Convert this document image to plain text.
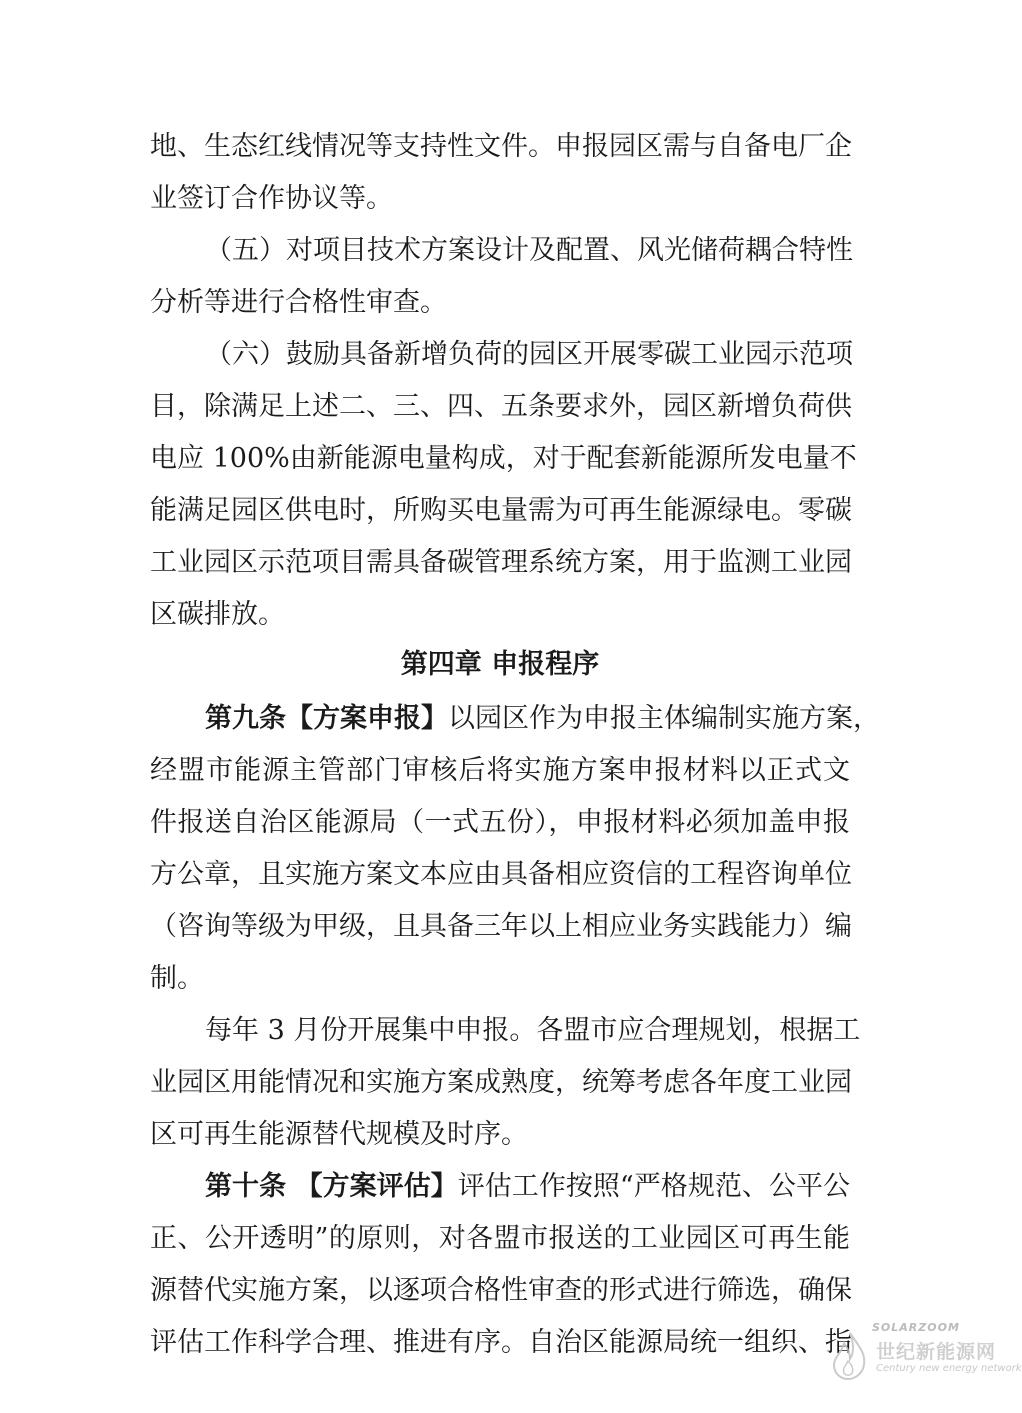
地、生态红线情况等支持性文件。申报园区需与自备电厂企
业签订合作协议等。
（五）对项目技术方案设计及配置、风光储荷耦合特性
分析等进行合格性审查。
（六）鼓励具备新增负荷的园区开展零碳工业园示范项
目，除满足上述二、三、四、五条要求外，园区新增负荷供
电应 100%由新能源电量构成，对于配套新能源所发电量不
能满足园区供电时，所购买电量需为可再生能源绿电。零碳
工业园区示范项目需具备碳管理系统方案，用于监测工业园
区碳排放。
第四章 申报程序
第九条【方案申报】以园区作为申报主体编制实施方案，
经盟市能源主管部门审核后将实施方案申报材料以正式文
件报送自治区能源局（一式五份），申报材料必须加盖申报
方公章，且实施方案文本应由具备相应资信的工程咨询单位
（咨询等级为甲级，且具备三年以上相应业务实践能力）编
制。
每年 3 月份开展集中申报。各盟市应合理规划，根据工
业园区用能情况和实施方案成熟度，统筹考虑各年度工业园
区可再生能源替代规模及时序。
第十条 【方案评估】评估工作按照“严格规范、公平公
正、公开透明”的原则，对各盟市报送的工业园区可再生能
源替代实施方案，以逐项合格性审查的形式进行筛选，确保
评估工作科学合理、推进有序。自治区能源局统一组织、指 SOLARZOOM
世纪新能源网
Century new energy network
